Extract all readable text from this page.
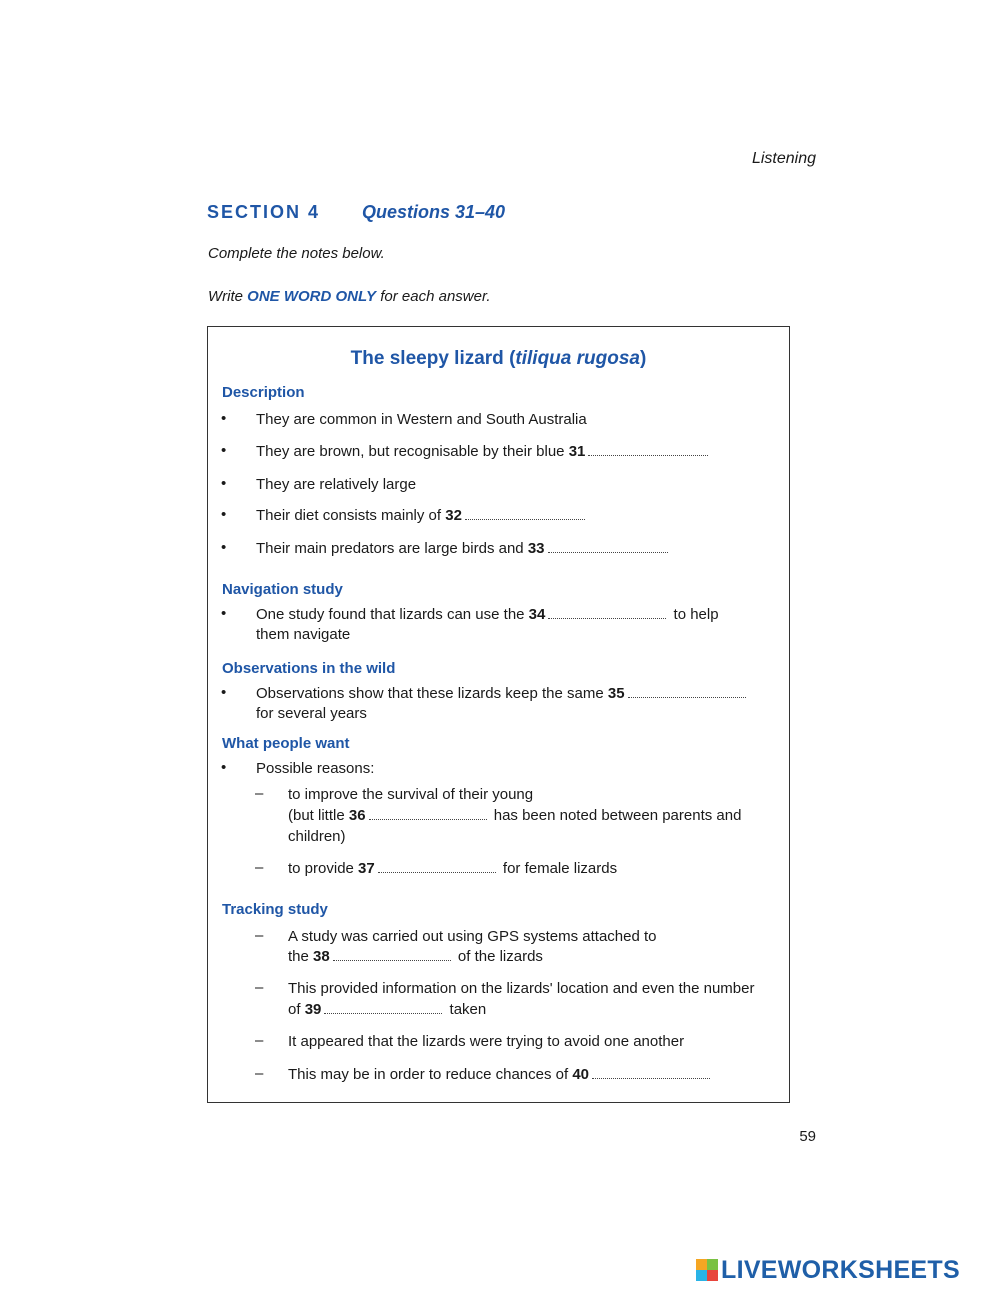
Listening
SECTION 4 Questions 31–40
Complete the notes below.
Write ONE WORD ONLY for each answer.
The sleepy lizard (tiliqua rugosa)
Description
• They are common in Western and South Australia
• They are brown, but recognisable by their blue 31
• They are relatively large
• Their diet consists mainly of 32
• Their main predators are large birds and 33
Navigation study
• One study found that lizards can use the 34	to help
them navigate
Observations in the wild
• Observations show that these lizards keep the same 35
for several years
What people want
• Possible reasons:
– to improve the survival of their young
(but little 36	has been noted between parents and
children)
– to provide 37	for female lizards
Tracking study
– A study was carried out using GPS systems attached to
the 38	of the lizards
– This provided information on the lizards' location and even the number
of 39	taken
– It appeared that the lizards were trying to avoid one another
– This may be in order to reduce chances of 40
59
LIVEWORKSHEETS
